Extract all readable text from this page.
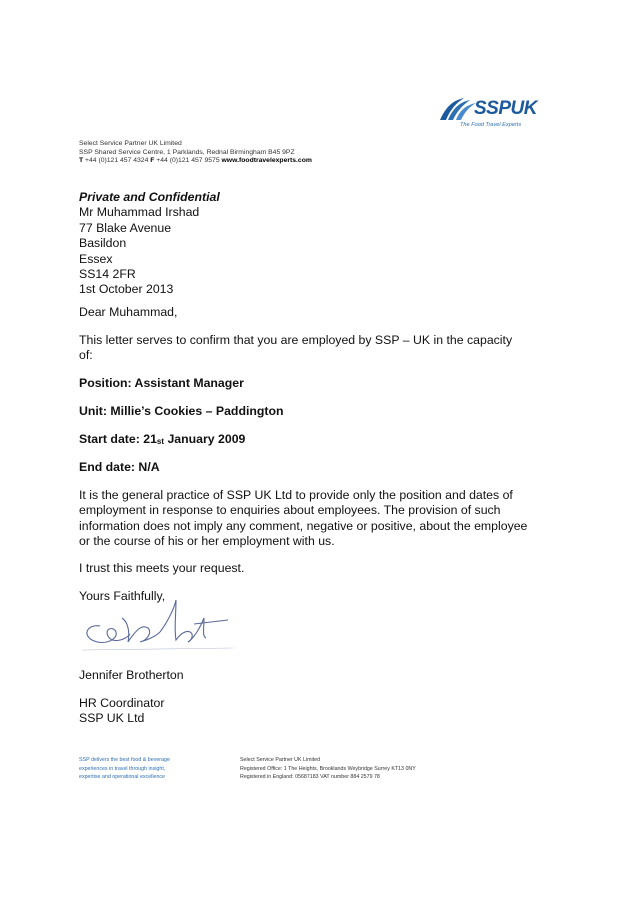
SSPUK
The Food Travel Experts
Select Service Partner UK Limited
SSP Shared Service Centre, 1 Parklands, Rednal Birmingham B45 9PZ
T +44 (0)121 457 4324 F +44 (0)121 457 9575 www.foodtravelexperts.com
Private and Confidential
Mr Muhammad Irshad
77 Blake Avenue
Basildon
Essex
SS14 2FR
1st October 2013
Dear Muhammad,
This letter serves to confirm that you are employed by SSP – UK in the capacity of:
Position: Assistant Manager
Unit: Millie’s Cookies – Paddington
Start date: 21st January 2009
End date: N/A
It is the general practice of SSP UK Ltd to provide only the position and dates of employment in response to enquiries about employees. The provision of such information does not imply any comment, negative or positive, about the employee or the course of his or her employment with us.
I trust this meets your request.
Yours Faithfully,
Jennifer Brotherton
HR Coordinator
SSP UK Ltd
SSP delivers the best food & beverage
experiences in travel through insight,
expertise and operational excellence
Select Service Partner UK Limited
Registered Office: 1 The Heights, Brooklands Weybridge Surrey KT13 0NY
Registered in England: 05687183 VAT number 884 2579 78
